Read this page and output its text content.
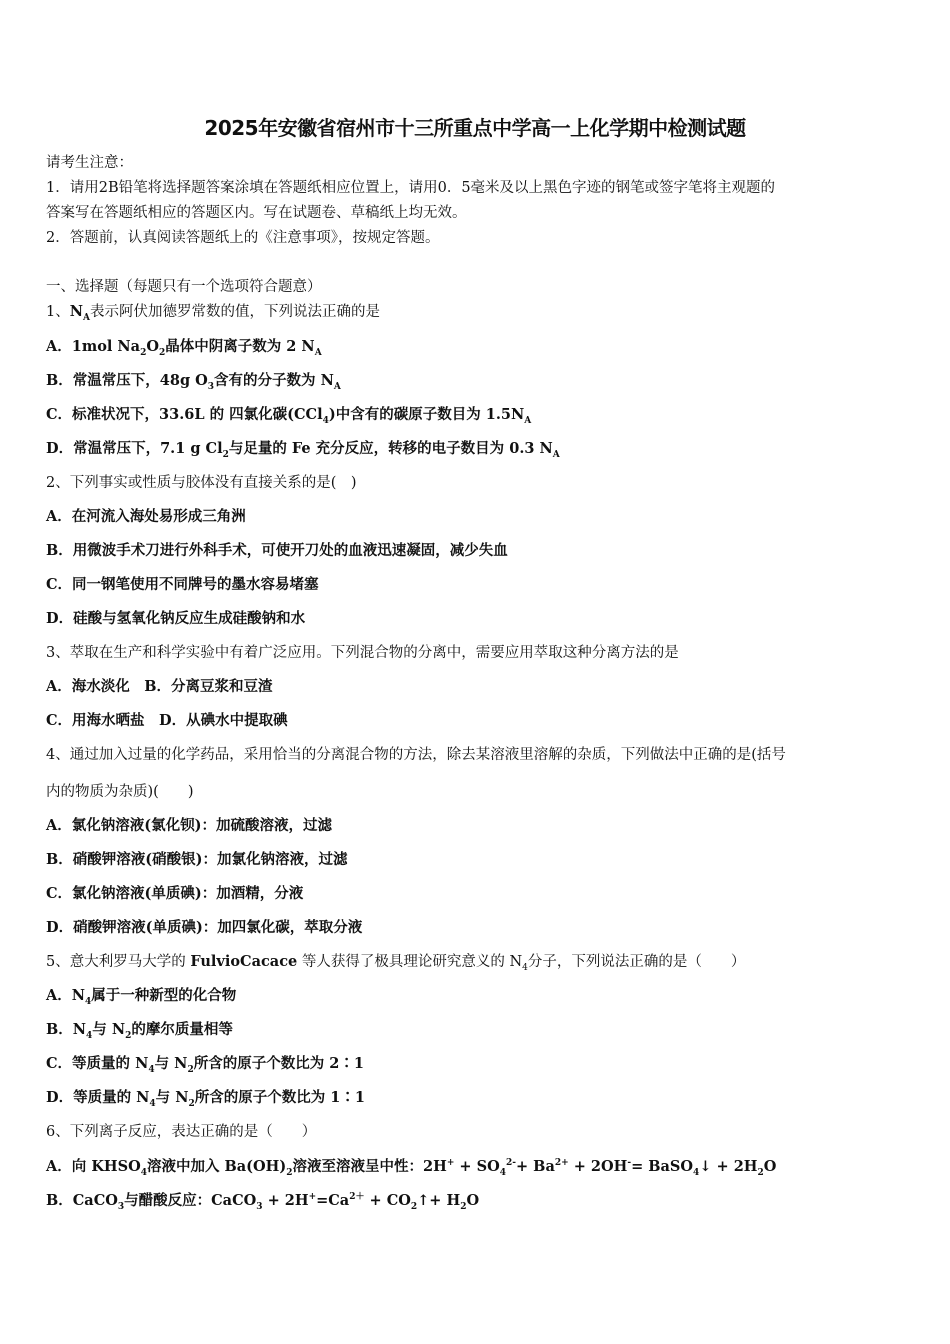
2025年安徽省宿州市十三所重点中学高一上化学期中检测试题
请考生注意：
1．请用2B铅笔将选择题答案涂填在答题纸相应位置上，请用0．5毫米及以上黑色字迹的钢笔或签字笔将主观题的
答案写在答题纸相应的答题区内。写在试题卷、草稿纸上均无效。
2．答题前，认真阅读答题纸上的《注意事项》，按规定答题。
一、选择题（每题只有一个选项符合题意）
1、$N_A$表示阿伏加德罗常数的值，下列说法正确的是
A．1mol $Na_2O_2$晶体中阴离子数为 2 $N_A$
B．常温常压下，48g $O_3$含有的分子数为 $N_A$
C．标准状况下，33.6L 的 四氯化碳(CCl$_4$)中含有的碳原子数目为 $1.5N_A$
D．常温常压下，7.1 g $Cl_2$与足量的 Fe 充分反应，转移的电子数目为 0.3 $N_A$
2、下列事实或性质与胶体没有直接关系的是(　)
A．在河流入海处易形成三角洲
B．用微波手术刀进行外科手术，可使开刀处的血液迅速凝固，减少失血
C．同一钢笔使用不同牌号的墨水容易堵塞
D．硅酸与氢氧化钠反应生成硅酸钠和水
3、萃取在生产和科学实验中有着广泛应用。下列混合物的分离中，需要应用萃取这种分离方法的是
A．海水淡化　 B．分离豆浆和豆渣
C．用海水晒盐　 D．从碘水中提取碘
4、通过加入过量的化学药品，采用恰当的分离混合物的方法，除去某溶液里溶解的杂质，下列做法中正确的是(括号
内的物质为杂质)(　　)
A．氯化钠溶液(氯化钡)：加硫酸溶液，过滤
B．硝酸钾溶液(硝酸银)：加氯化钠溶液，过滤
C．氯化钠溶液(单质碘)：加酒精，分液
D．硝酸钾溶液(单质碘)：加四氯化碳，萃取分液
5、意大利罗马大学的 FulvioCacace 等人获得了极具理论研究意义的 $N_4$分子，下列说法正确的是（　　）
A．$N_4$属于一种新型的化合物
B．$N_4$与 $N_2$的摩尔质量相等
C．等质量的 $N_4$与 $N_2$所含的原子个数比为 2∶1
D．等质量的 $N_4$与 $N_2$所含的原子个数比为 1∶1
6、下列离子反应，表达正确的是（　　）
A．向 $KHSO_4$溶液中加入 $Ba(OH)_2$溶液至溶液呈中性：$2H^+ + SO_4^{2-}+ Ba^{2+} + 2OH^-=$ BaSO$_4$↓ + $2H_2O$
B．CaCO$_3$与醋酸反应：CaCO$_3$ + $2H^+=Ca^{2+}$ + $CO_2↑+ H_2O$
